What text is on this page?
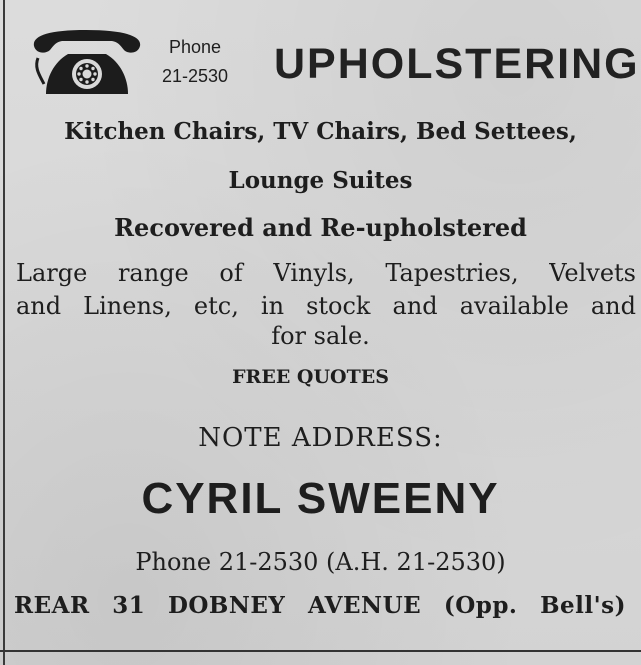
Phone
21-2530 UPHOLSTERING
Kitchen Chairs, TV Chairs, Bed Settees,
Lounge Suites
Recovered and Re-upholstered
Large range of Vinyls, Tapestries, Velvets
and Linens, etc, in stock and available and
for sale.
FREE QUOTES
NOTE ADDRESS:
CYRIL SWEENY
Phone 21-2530 (A.H. 21-2530)
REAR 31 DOBNEY AVENUE (Opp. Bell's)
